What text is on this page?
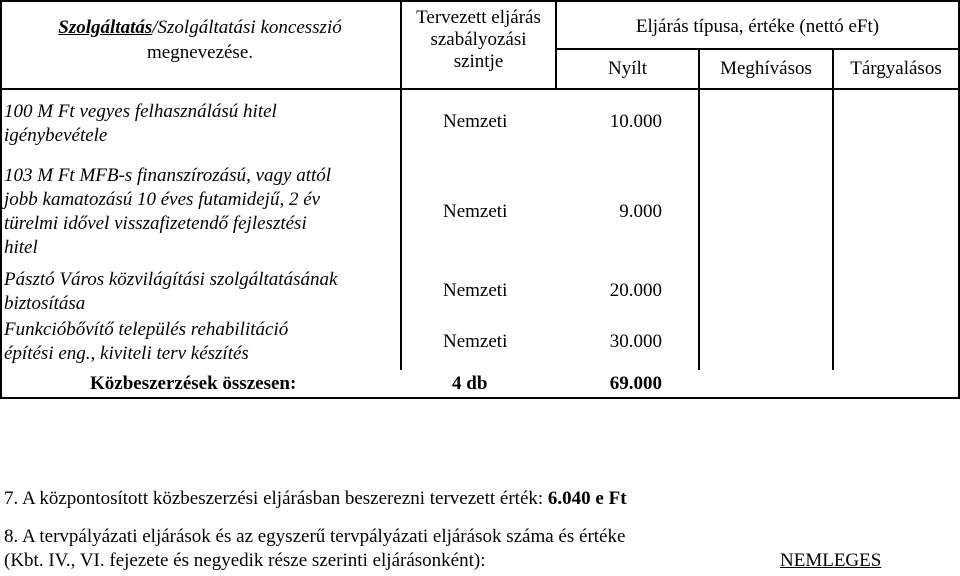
Szolgáltatás/Szolgáltatási koncesszió
megnevezése.
Tervezett eljárás
szabályozási
szintje
Eljárás típusa, értéke (nettó eFt)
Nyílt	Meghívásos	Tárgyalásos
100 M Ft vegyes felhasználású hitel
igénybevétele
Nemzeti	10.000
103 M Ft MFB-s finanszírozású, vagy attól
jobb kamatozású 10 éves futamidejű, 2 év
türelmi idővel visszafizetendő fejlesztési
hitel
Nemzeti	9.000
Pásztó Város közvilágítási szolgáltatásának
biztosítása
Nemzeti	20.000
Funkcióbővítő település rehabilitáció
építési eng., kiviteli terv készítés
Nemzeti	30.000
Közbeszerzések összesen:	4 db	69.000
7. A központosított közbeszerzési eljárásban beszerezni tervezett érték: 6.040 e Ft
8. A tervpályázati eljárások és az egyszerű tervpályázati eljárások száma és értéke
(Kbt. IV., VI. fejezete és negyedik része szerinti eljárásonként):	NEMLEGES
